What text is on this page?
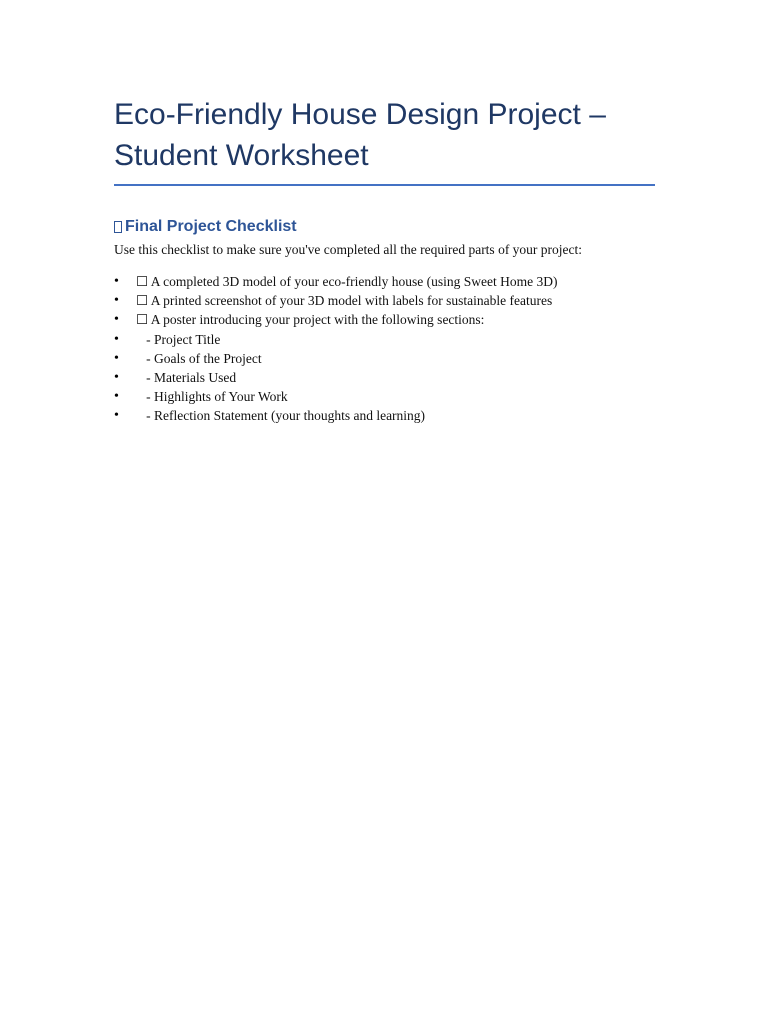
Eco-Friendly House Design Project – Student Worksheet
Final Project Checklist

Use this checklist to make sure you've completed all the required parts of your project:

• ☐ A completed 3D model of your eco-friendly house (using Sweet Home 3D)
• ☐ A printed screenshot of your 3D model with labels for sustainable features
• ☐ A poster introducing your project with the following sections:
• - Project Title
• - Goals of the Project
• - Materials Used
• - Highlights of Your Work
• - Reflection Statement (your thoughts and learning)
